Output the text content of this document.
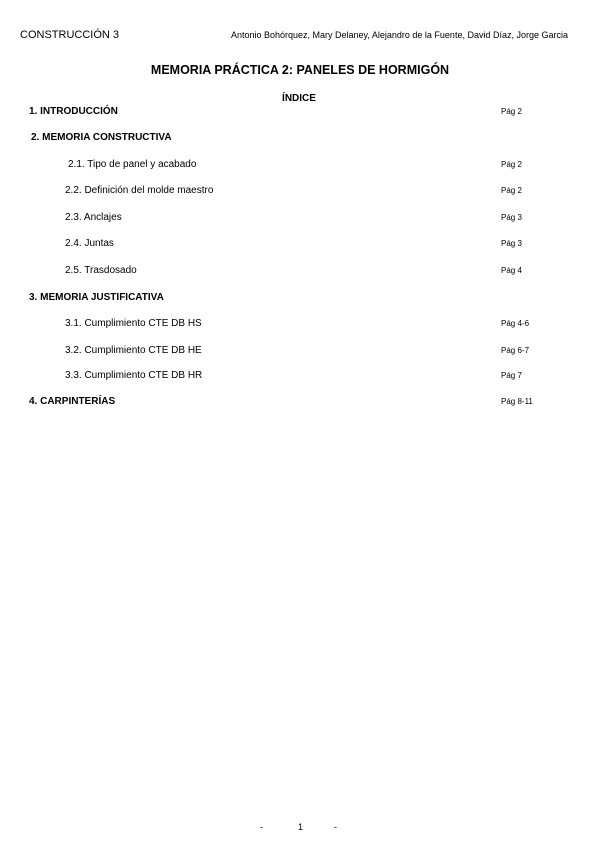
CONSTRUCCIÓN 3	Antonio Bohórquez, Mary Delaney, Alejandro de la Fuente, David Díaz, Jorge Garcia
MEMORIA PRÁCTICA 2: PANELES DE HORMIGÓN
ÍNDICE
1. INTRODUCCIÓN	Pág 2
2. MEMORIA CONSTRUCTIVA
2.1. Tipo de panel y acabado	Pág 2
2.2. Definición del molde maestro	Pág 2
2.3. Anclajes	Pág 3
2.4. Juntas	Pág 3
2.5. Trasdosado	Pág 4
3. MEMORIA JUSTIFICATIVA
3.1. Cumplimiento CTE DB HS	Pág 4-6
3.2. Cumplimiento CTE DB HE	Pág 6-7
3.3. Cumplimiento CTE DB HR	Pág 7
4. CARPINTERÍAS	Pág 8-11
-	1	-
